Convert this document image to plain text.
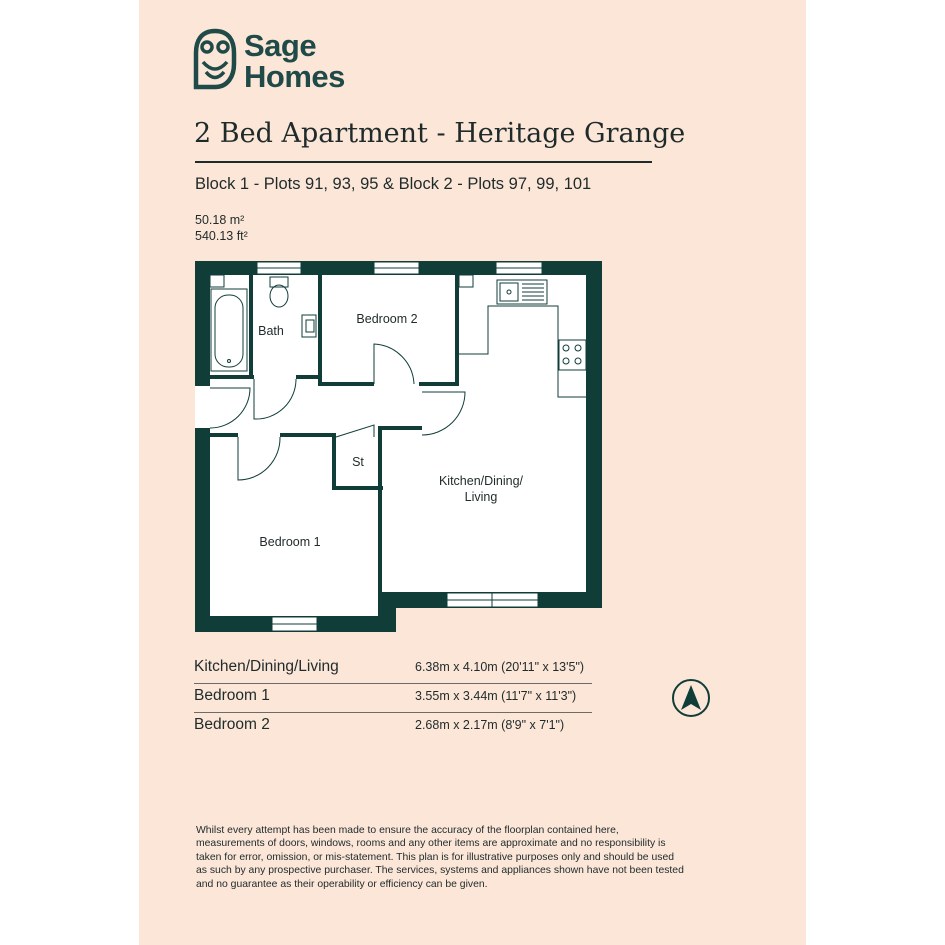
Sage
Homes
2 Bed Apartment - Heritage Grange
Block 1 - Plots 91, 93, 95 & Block 2 - Plots 97, 99, 101
50.18 m²
540.13 ft²
Bath
Bedroom 2
St
Kitchen/Dining/
Living
Bedroom 1
Kitchen/Dining/Living	6.38m x 4.10m (20'11" x 13'5")
Bedroom 1	3.55m x 3.44m (11'7" x 11'3")
Bedroom 2	2.68m x 2.17m (8'9" x 7'1")

Whilst every attempt has been made to ensure the accuracy of the floorplan contained here,

measurements of doors, windows, rooms and any other items are approximate and no responsibility is

taken for error, omission, or mis-statement. This plan is for illustrative purposes only and should be used

as such by any prospective purchaser. The services, systems and appliances shown have not been tested

and no guarantee as their operability or efficiency can be given.
